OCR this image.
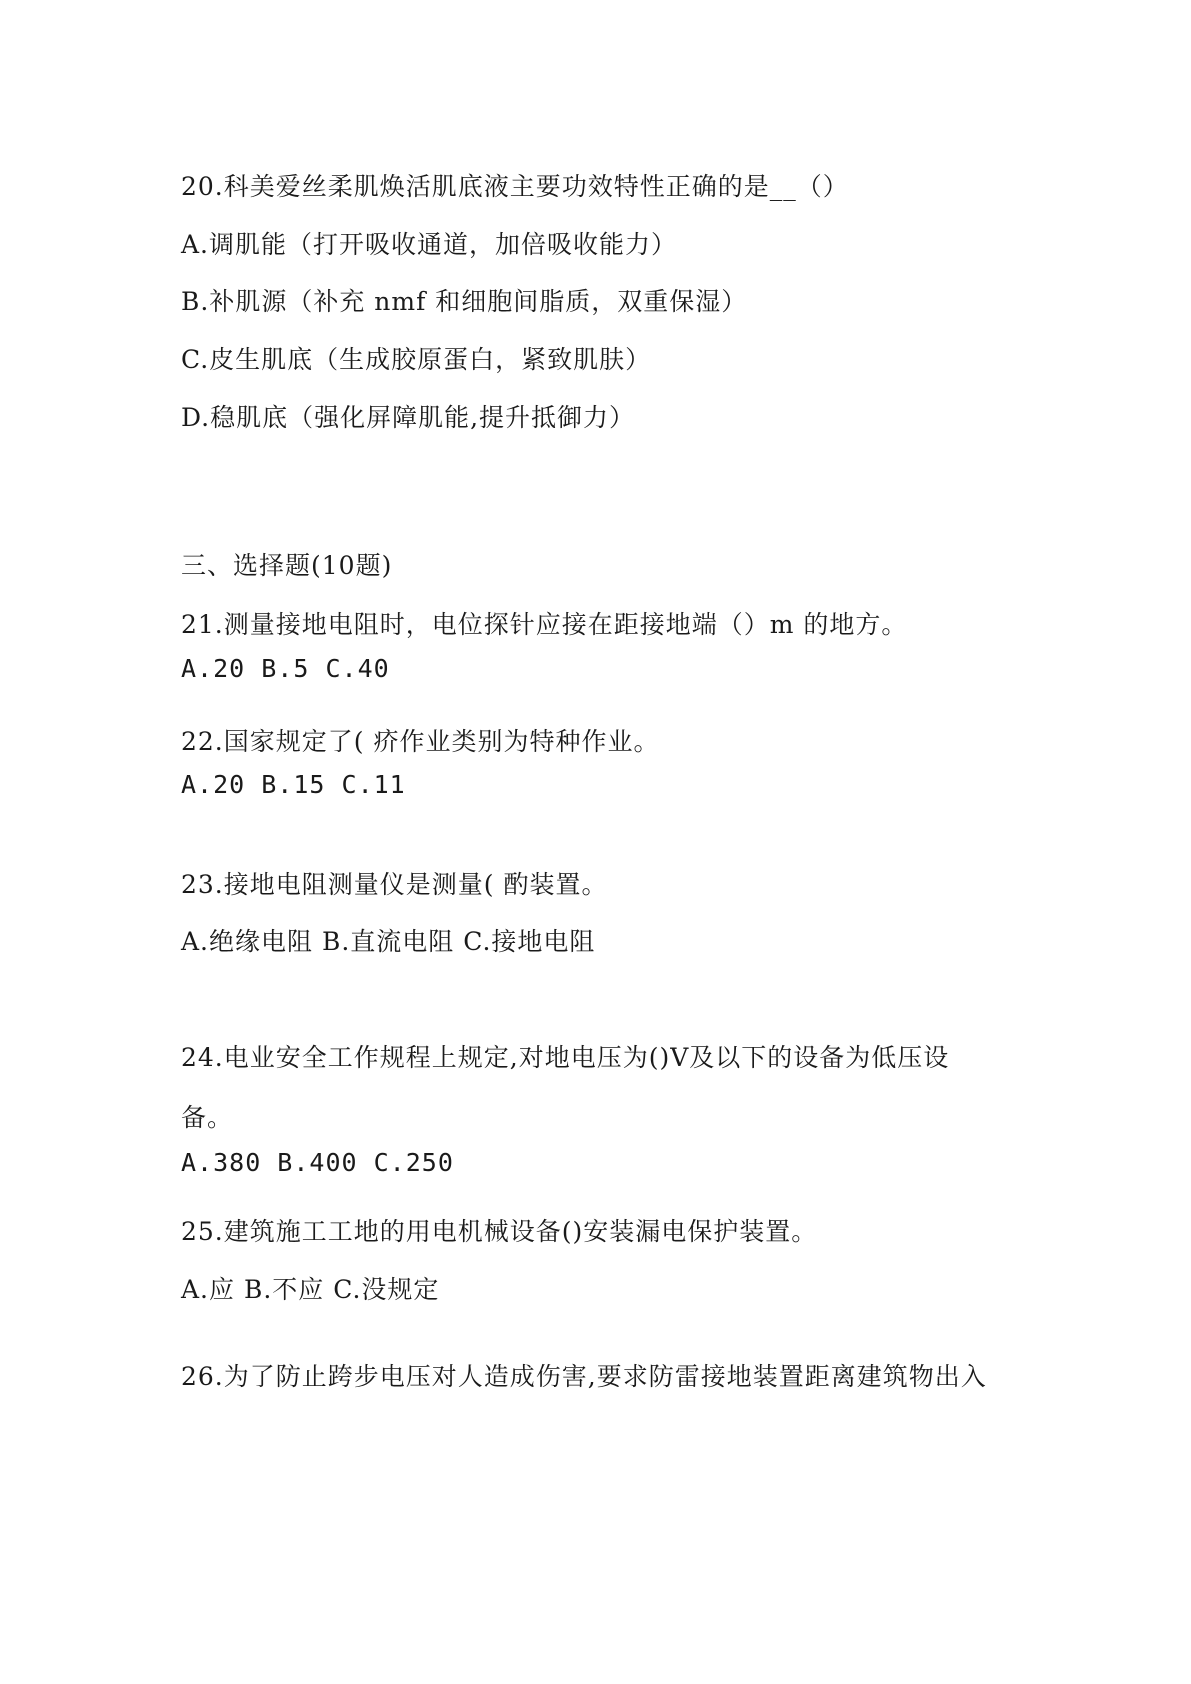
20.科美爱丝柔肌焕活肌底液主要功效特性正确的是__（）
A.调肌能（打开吸收通道，加倍吸收能力）
B.补肌源（补充 nmf 和细胞间脂质，双重保湿）
C.皮生肌底（生成胶原蛋白，紧致肌肤）
D.稳肌底（强化屏障肌能,提升抵御力）
三、选择题(10题)
21.测量接地电阻时，电位探针应接在距接地端（）m 的地方。
A.20 B.5 C.40
22.国家规定了( 疥作业类别为特种作业。
A.20 B.15 C.11
23.接地电阻测量仪是测量( 酌装置。
A.绝缘电阻 B.直流电阻 C.接地电阻
24.电业安全工作规程上规定,对地电压为()V及以下的设备为低压设
备。
A.380 B.400 C.250
25.建筑施工工地的用电机械设备()安装漏电保护装置。
A.应 B.不应 C.没规定
26.为了防止跨步电压对人造成伤害,要求防雷接地装置距离建筑物出入
